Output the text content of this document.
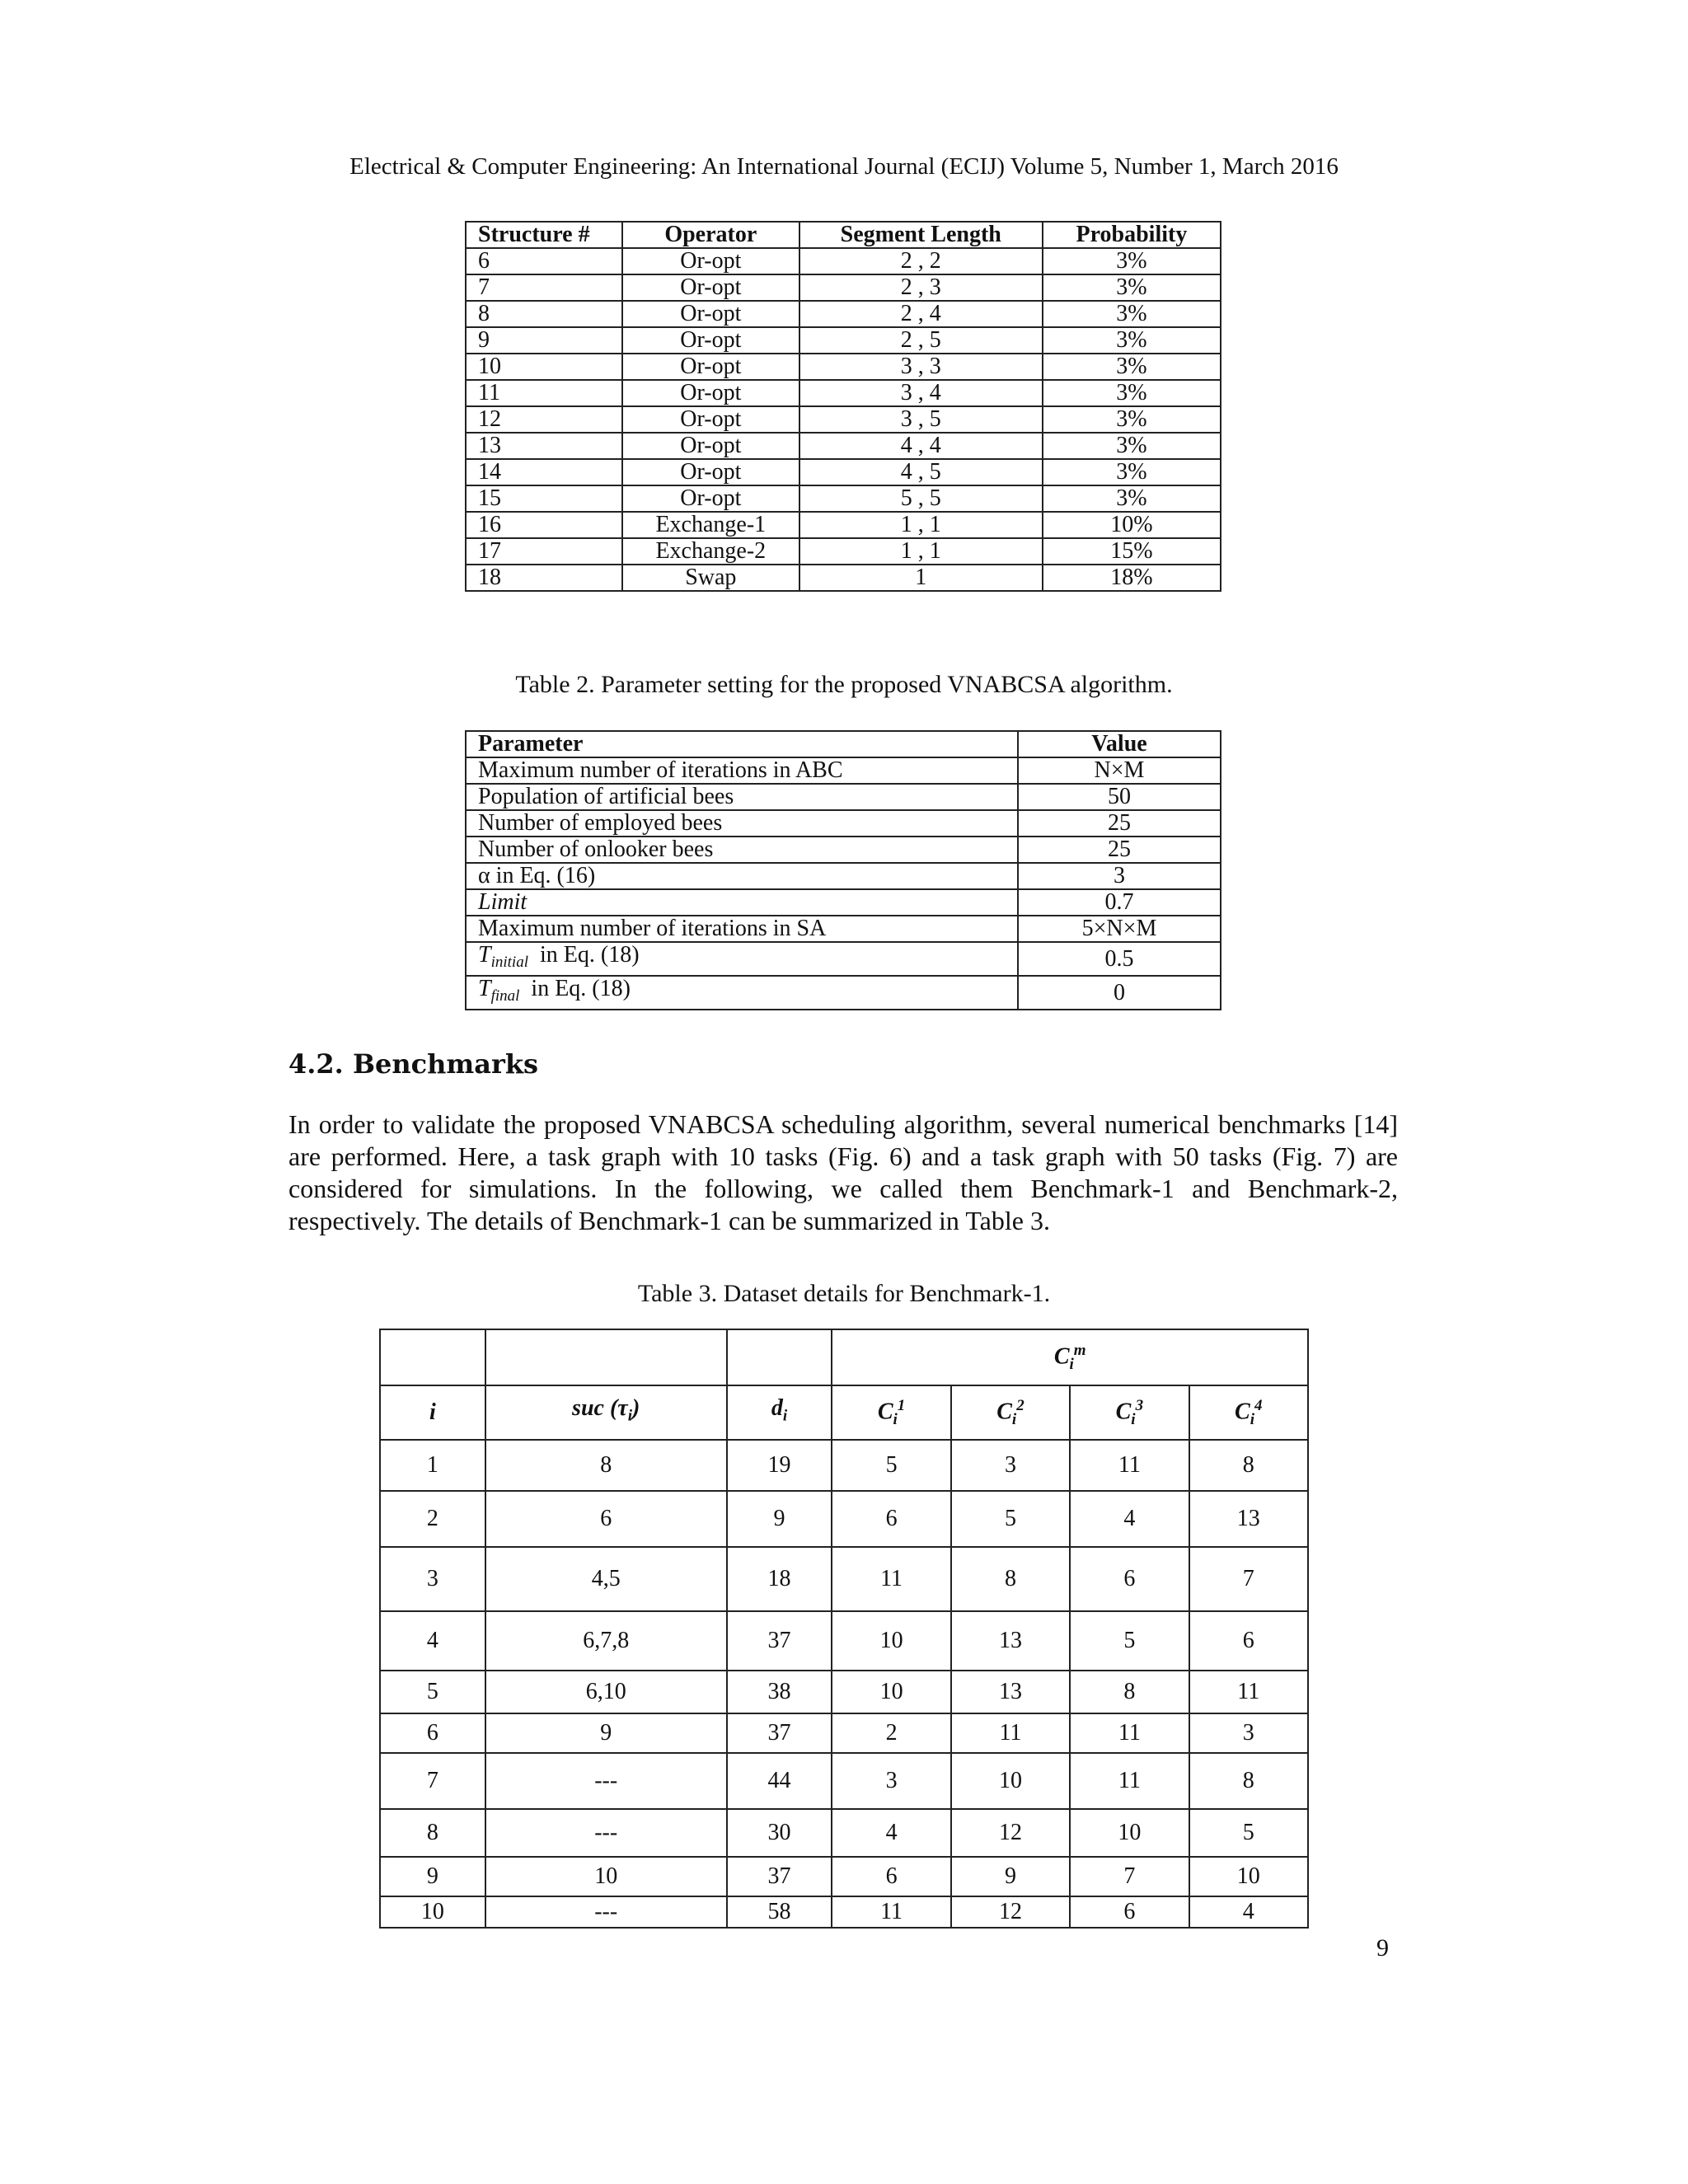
Electrical & Computer Engineering: An International Journal (ECIJ) Volume 5, Number 1, March 2016
Structure #	Operator	Segment Length	Probability
6	Or-opt	2 , 2	3%
7	Or-opt	2 , 3	3%
8	Or-opt	2 , 4	3%
9	Or-opt	2 , 5	3%
10	Or-opt	3 , 3	3%
11	Or-opt	3 , 4	3%
12	Or-opt	3 , 5	3%
13	Or-opt	4 , 4	3%
14	Or-opt	4 , 5	3%
15	Or-opt	5 , 5	3%
16	Exchange-1	1 , 1	10%
17	Exchange-2	1 , 1	15%
18	Swap	1	18%
Table 2. Parameter setting for the proposed VNABCSA algorithm.
Parameter	Value
Maximum number of iterations in ABC	N×M
Population of artificial bees	50
Number of employed bees	25
Number of onlooker bees	25
α in Eq. (16)	3
Limit	0.7
Maximum number of iterations in SA	5×N×M
$T_{initial}$  in Eq. (18)	0.5
$T_{final}$  in Eq. (18)	0
4.2. Benchmarks

In order to validate the proposed VNABCSA scheduling algorithm, several numerical benchmarks [14] are performed. Here, a task graph with 10 tasks (Fig. 6) and a task graph with 50 tasks (Fig. 7) are considered for simulations. In the following, we called them Benchmark-1 and Benchmark-2, respectively. The details of Benchmark-1 can be summarized in Table 3.

Table 3. Dataset details for Benchmark-1.
			$C_i^m$
i	suc $(\tau_i)$	$d_i$	$C_i^1$	$C_i^2$	$C_i^3$	$C_i^4$
1	8	19	5	3	11	8
2	6	9	6	5	4	13
3	4,5	18	11	8	6	7
4	6,7,8	37	10	13	5	6
5	6,10	38	10	13	8	11
6	9	37	2	11	11	3
7	---	44	3	10	11	8
8	---	30	4	12	10	5
9	10	37	6	9	7	10
10	---	58	11	12	6	4
9
